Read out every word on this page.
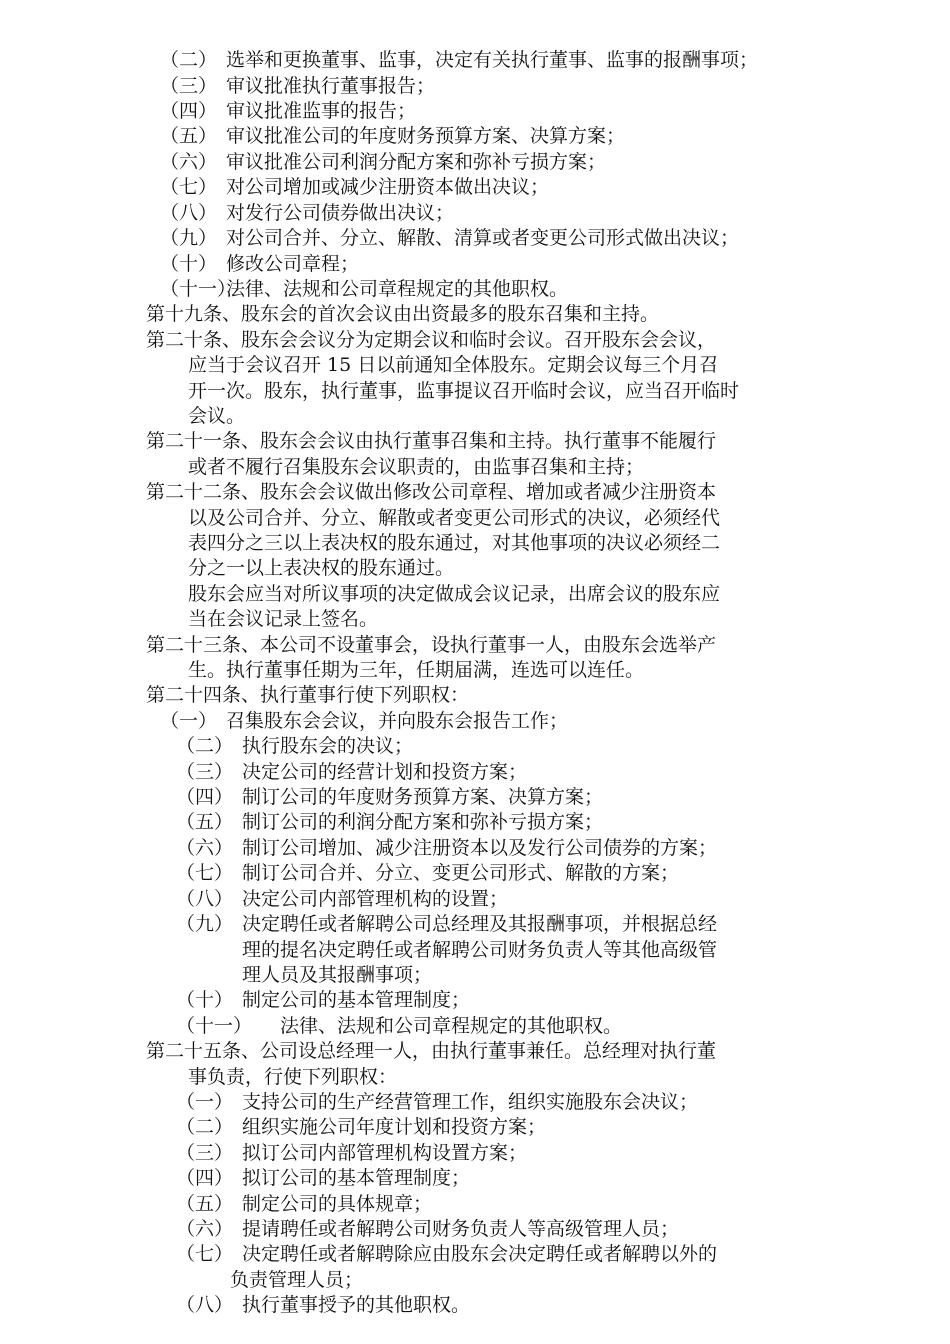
（二） 选举和更换董事、监事，决定有关执行董事、监事的报酬事项；
（三） 审议批准执行董事报告；
（四） 审议批准监事的报告；
（五） 审议批准公司的年度财务预算方案、决算方案；
（六） 审议批准公司利润分配方案和弥补亏损方案；
（七） 对公司增加或减少注册资本做出决议；
（八） 对发行公司债券做出决议；
（九） 对公司合并、分立、解散、清算或者变更公司形式做出决议；
（十） 修改公司章程；
（十一）法律、法规和公司章程规定的其他职权。
第十九条、股东会的首次会议由出资最多的股东召集和主持。
第二十条、股东会会议分为定期会议和临时会议。召开股东会会议，
应当于会议召开 15 日以前通知全体股东。定期会议每三个月召
开一次。股东，执行董事，监事提议召开临时会议，应当召开临时
会议。
第二十一条、股东会会议由执行董事召集和主持。执行董事不能履行
或者不履行召集股东会议职责的，由监事召集和主持；
第二十二条、股东会会议做出修改公司章程、增加或者减少注册资本
以及公司合并、分立、解散或者变更公司形式的决议，必须经代
表四分之三以上表决权的股东通过，对其他事项的决议必须经二
分之一以上表决权的股东通过。
股东会应当对所议事项的决定做成会议记录，出席会议的股东应
当在会议记录上签名。
第二十三条、本公司不设董事会，设执行董事一人，由股东会选举产
生。执行董事任期为三年，任期届满，连选可以连任。
第二十四条、执行董事行使下列职权：
（一） 召集股东会会议，并向股东会报告工作；
（二） 执行股东会的决议；
（三） 决定公司的经营计划和投资方案；
（四） 制订公司的年度财务预算方案、决算方案；
（五） 制订公司的利润分配方案和弥补亏损方案；
（六） 制订公司增加、减少注册资本以及发行公司债券的方案；
（七） 制订公司合并、分立、变更公司形式、解散的方案；
（八） 决定公司内部管理机构的设置；
（九） 决定聘任或者解聘公司总经理及其报酬事项，并根据总经
理的提名决定聘任或者解聘公司财务负责人等其他高级管
理人员及其报酬事项；
（十） 制定公司的基本管理制度；
（十一） 法律、法规和公司章程规定的其他职权。
第二十五条、公司设总经理一人，由执行董事兼任。总经理对执行董
事负责，行使下列职权：
（一） 支持公司的生产经营管理工作，组织实施股东会决议；
（二） 组织实施公司年度计划和投资方案；
（三） 拟订公司内部管理机构设置方案；
（四） 拟订公司的基本管理制度；
（五） 制定公司的具体规章；
（六） 提请聘任或者解聘公司财务负责人等高级管理人员；
（七） 决定聘任或者解聘除应由股东会决定聘任或者解聘以外的
负责管理人员；
（八） 执行董事授予的其他职权。
